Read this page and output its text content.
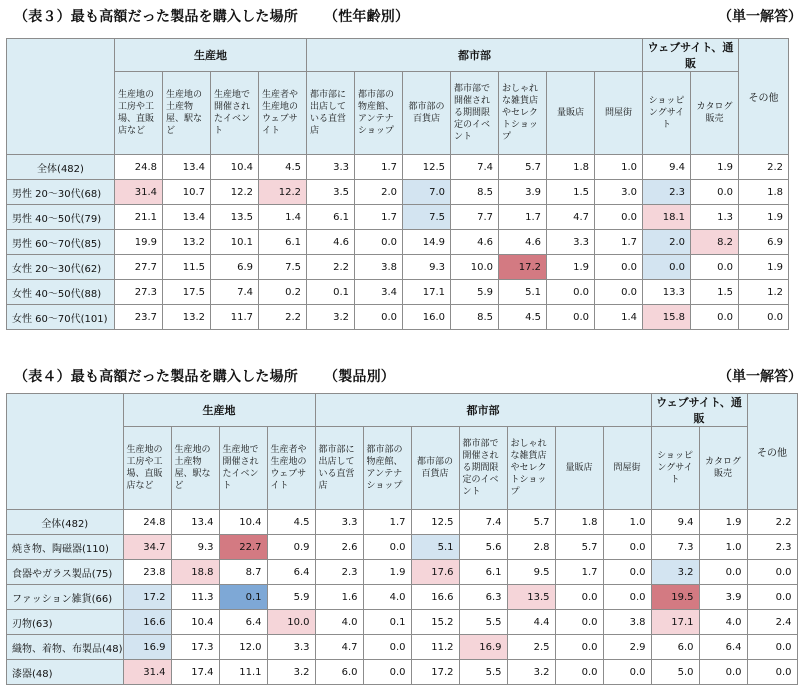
（表３）最も高額だった製品を購入した場所 （性年齢別）	（単一解答）
	生産地				都市部							ウェブサイト、通販		その他
	生産地の工房や工場、直販店など	生産地の土産物屋、駅など	生産地で開催されたイベント	生産者や生産地のウェブサイト	都市部に出店している直営店	都市部の物産館、アンテナショップ	都市部の百貨店	都市部で開催される期間限定のイベント	おしゃれな雑貨店やセレクトショップ	量販店	問屋街	ショッピングサイト	カタログ販売	
全体(482)	24.8	13.4	10.4	4.5	3.3	1.7	12.5	7.4	5.7	1.8	1.0	9.4	1.9	2.2
男性 20～30代(68)	31.4	10.7	12.2	12.2	3.5	2.0	7.0	8.5	3.9	1.5	3.0	2.3	0.0	1.8
男性 40～50代(79)	21.1	13.4	13.5	1.4	6.1	1.7	7.5	7.7	1.7	4.7	0.0	18.1	1.3	1.9
男性 60～70代(85)	19.9	13.2	10.1	6.1	4.6	0.0	14.9	4.6	4.6	3.3	1.7	2.0	8.2	6.9
女性 20～30代(62)	27.7	11.5	6.9	7.5	2.2	3.8	9.3	10.0	17.2	1.9	0.0	0.0	0.0	1.9
女性 40～50代(88)	27.3	17.5	7.4	0.2	0.1	3.4	17.1	5.9	5.1	0.0	0.0	13.3	1.5	1.2
女性 60～70代(101)	23.7	13.2	11.7	2.2	3.2	0.0	16.0	8.5	4.5	0.0	1.4	15.8	0.0	0.0
（表４）最も高額だった製品を購入した場所 （製品別）	（単一解答）
	生産地				都市部							ウェブサイト、通販		その他
	生産地の工房や工場、直販店など	生産地の土産物屋、駅など	生産地で開催されたイベント	生産者や生産地のウェブサイト	都市部に出店している直営店	都市部の物産館、アンテナショップ	都市部の百貨店	都市部で開催される期間限定のイベント	おしゃれな雑貨店やセレクトショップ	量販店	問屋街	ショッピングサイト	カタログ販売	
全体(482)	24.8	13.4	10.4	4.5	3.3	1.7	12.5	7.4	5.7	1.8	1.0	9.4	1.9	2.2
焼き物、陶磁器(110)	34.7	9.3	22.7	0.9	2.6	0.0	5.1	5.6	2.8	5.7	0.0	7.3	1.0	2.3
食器やガラス製品(75)	23.8	18.8	8.7	6.4	2.3	1.9	17.6	6.1	9.5	1.7	0.0	3.2	0.0	0.0
ファッション雑貨(66)	17.2	11.3	0.1	5.9	1.6	4.0	16.6	6.3	13.5	0.0	0.0	19.5	3.9	0.0
刃物(63)	16.6	10.4	6.4	10.0	4.0	0.1	15.2	5.5	4.4	0.0	3.8	17.1	4.0	2.4
織物、着物、布製品(48)	16.9	17.3	12.0	3.3	4.7	0.0	11.2	16.9	2.5	0.0	2.9	6.0	6.4	0.0
漆器(48)	31.4	17.4	11.1	3.2	6.0	0.0	17.2	5.5	3.2	0.0	0.0	5.0	0.0	0.0
